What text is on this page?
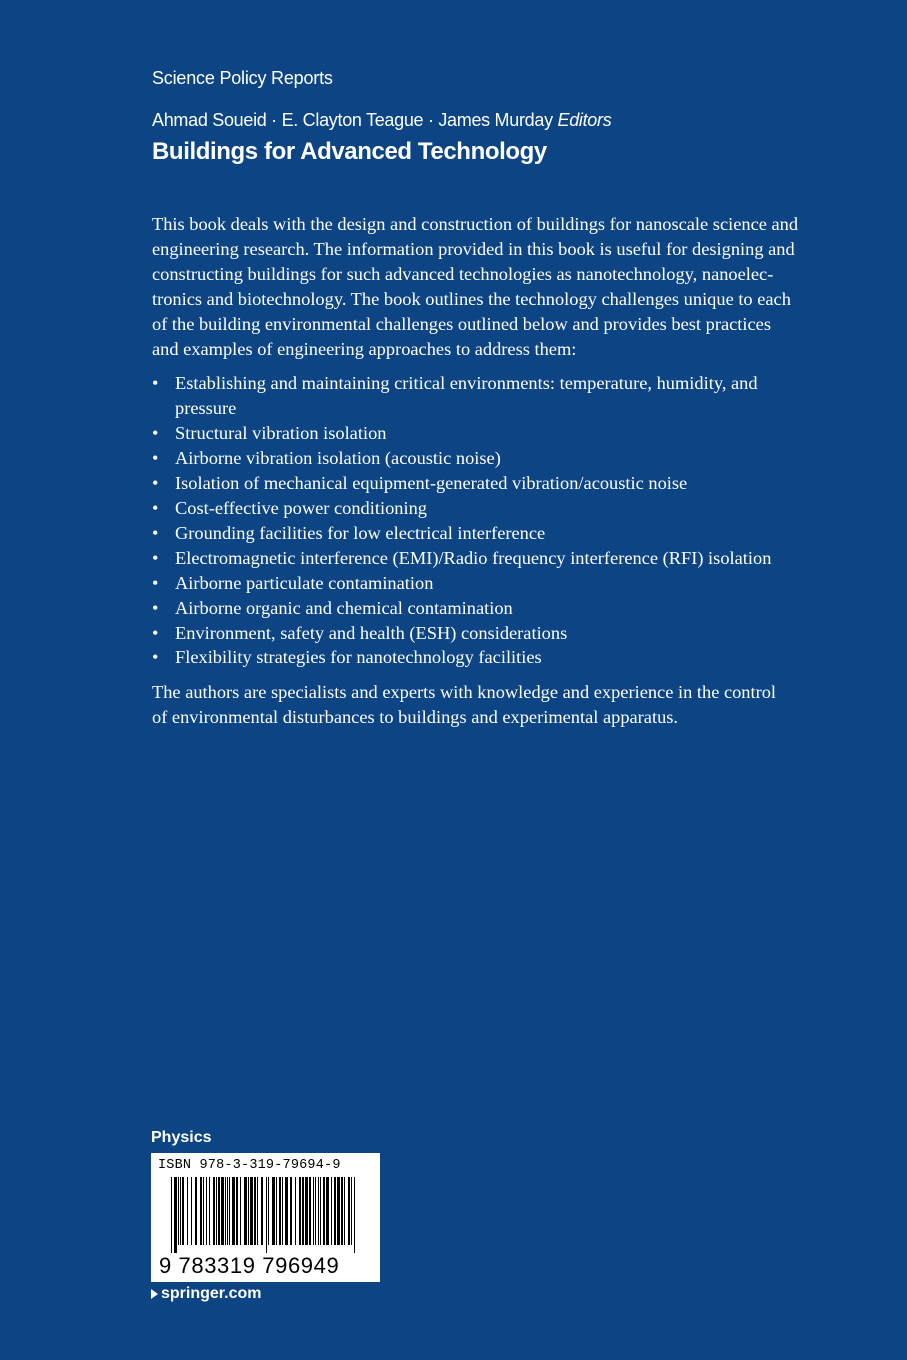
Science Policy Reports
Ahmad Soueid · E. Clayton Teague · James Murday Editors
Buildings for Advanced Technology

This book deals with the design and construction of buildings for nanoscale science and
engineering research. The information provided in this book is useful for designing and
constructing buildings for such advanced technologies as nanotechnology, nanoelec-
tronics and biotechnology. The book outlines the technology challenges unique to each
of the building environmental challenges outlined below and provides best practices
and examples of engineering approaches to address them:

• Establishing and maintaining critical environments: temperature, humidity, and pressure
• Structural vibration isolation
• Airborne vibration isolation (acoustic noise)
• Isolation of mechanical equipment-generated vibration/acoustic noise
• Cost-effective power conditioning
• Grounding facilities for low electrical interference
• Electromagnetic interference (EMI)/Radio frequency interference (RFI) isolation
• Airborne particulate contamination
• Airborne organic and chemical contamination
• Environment, safety and health (ESH) considerations
• Flexibility strategies for nanotechnology facilities

The authors are specialists and experts with knowledge and experience in the control
of environmental disturbances to buildings and experimental apparatus.

Physics
ISBN 978-3-319-79694-9
9 783319 796949
springer.com
